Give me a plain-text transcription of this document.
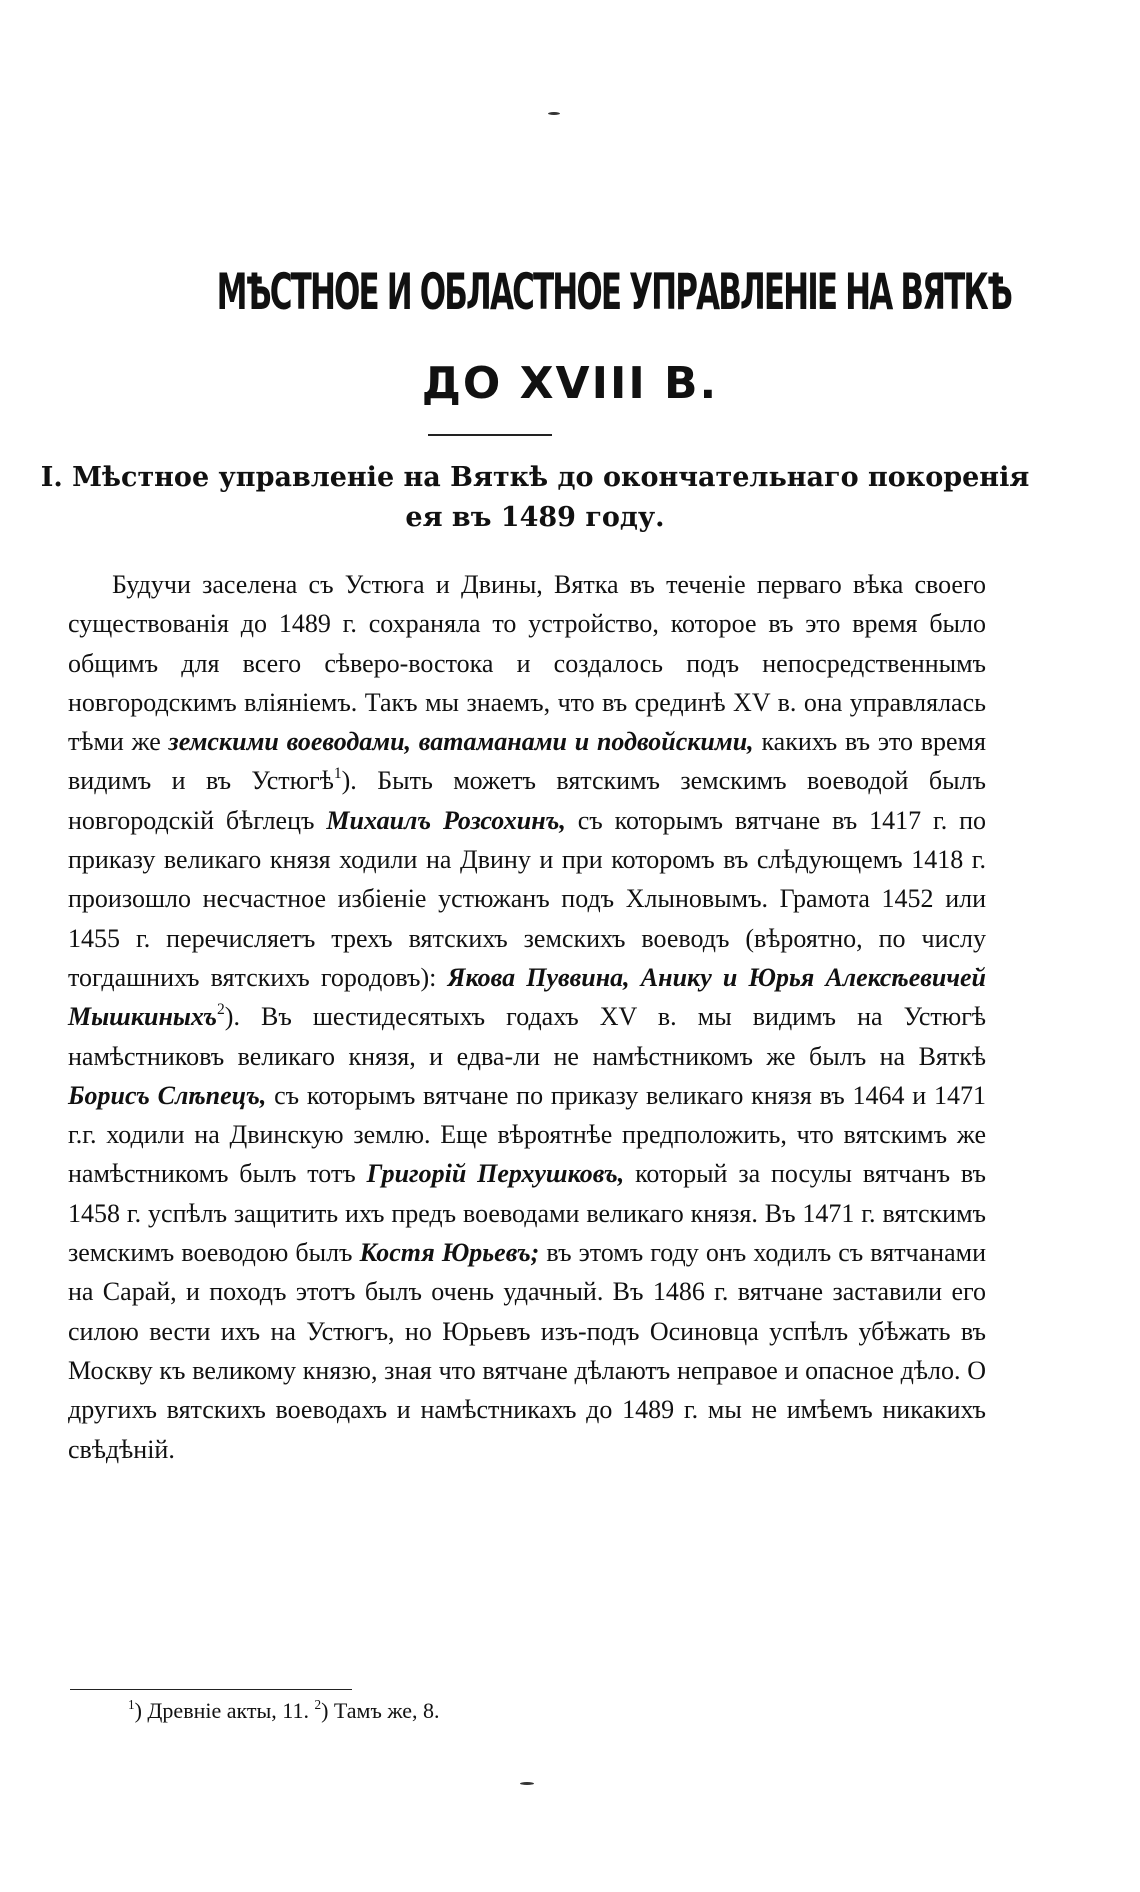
МѢСТНОЕ И ОБЛАСТНОЕ УПРАВЛЕНІЕ НА ВЯТКѢ
ДО XVIII В.
I. Мѣстное управленіе на Вяткѣ до окончательнаго покоренія ея въ 1489 году.

Будучи заселена съ Устюга и Двины, Вятка въ теченіе перваго вѣка своего существованія до 1489 г. сохраняла то устройство, которое въ это время было общимъ для всего сѣверо-востока и создалось подъ непосредственнымъ новгородскимъ вліяніемъ. Такъ мы знаемъ, что въ срединѣ XV в. она управлялась тѣми же земскими воеводами, ватаманами и подвойскими, какихъ въ это время видимъ и въ Устюгѣ$^1$). Быть можетъ вятскимъ земскимъ воеводой былъ новгородскій бѣглецъ Михаилъ Розсохинъ, съ которымъ вятчане въ 1417 г. по приказу великаго князя ходили на Двину и при которомъ въ слѣдующемъ 1418 г. произошло несчастное избіеніе устюжанъ подъ Хлыновымъ. Грамота 1452 или 1455 г. перечисляетъ трехъ вятскихъ земскихъ воеводъ (вѣроятно, по числу тогдашнихъ вятскихъ городовъ): Якова Пуввина, Анику и Юрья Алексѣевичей Мышкиныхъ$^2$). Въ шестидесятыхъ годахъ XV в. мы видимъ на Устюгѣ намѣстниковъ великаго князя, и едва-ли не намѣстникомъ же былъ на Вяткѣ Борисъ Слѣпецъ, съ которымъ вятчане по приказу великаго князя въ 1464 и 1471 г.г. ходили на Двинскую землю. Еще вѣроятнѣе предположить, что вятскимъ же намѣстникомъ былъ тотъ Григорій Перхушковъ, который за посулы вятчанъ въ 1458 г. успѣлъ защитить ихъ предъ воеводами великаго князя. Въ 1471 г. вятскимъ земскимъ воеводою былъ Костя Юрьевъ; въ этомъ году онъ ходилъ съ вятчанами на Сарай, и походъ этотъ былъ очень удачный. Въ 1486 г. вятчане заставили его силою вести ихъ на Устюгъ, но Юрьевъ изъ-подъ Осиновца успѣлъ убѣжать въ Москву къ великому князю, зная что вятчане дѣлаютъ неправое и опасное дѣло. О другихъ вятскихъ воеводахъ и намѣстникахъ до 1489 г. мы не имѣемъ никакихъ свѣдѣній.

$^1$) Древніе акты, 11. $^2$) Тамъ же, 8.
